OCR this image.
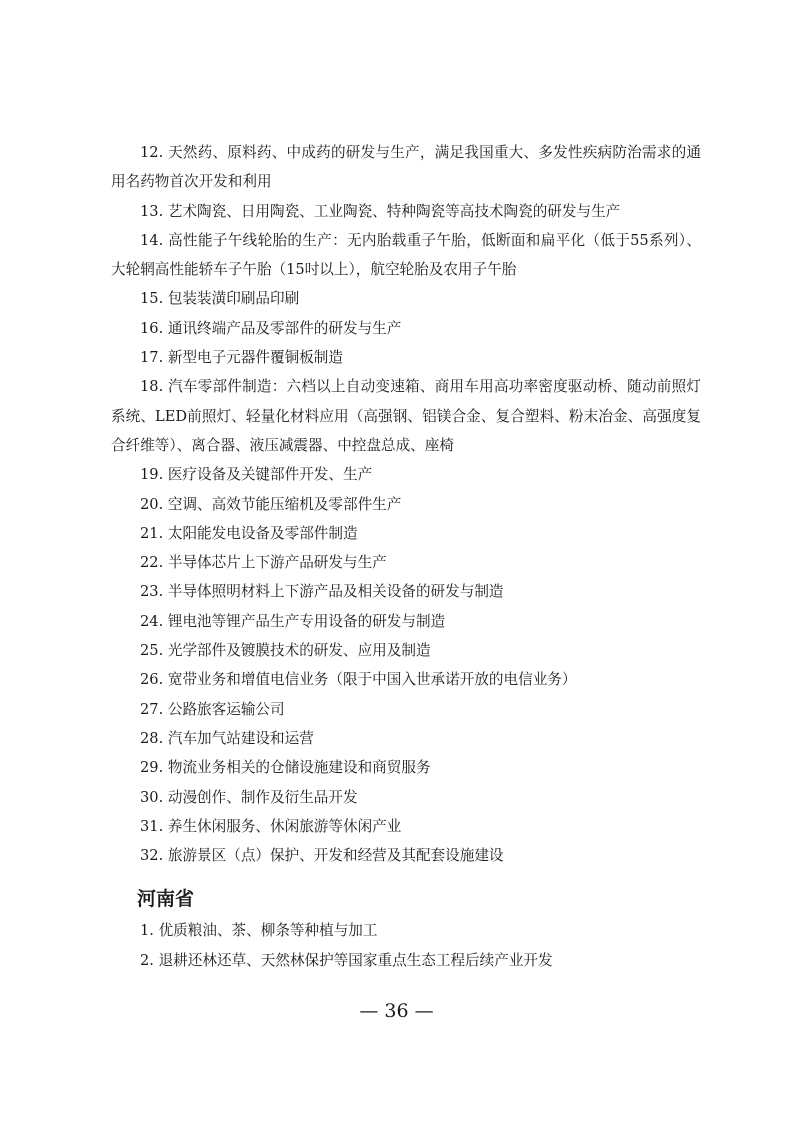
12. 天然药、原料药、中成药的研发与生产，满足我国重大、多发性疾病防治需求的通用名药物首次开发和利用
13. 艺术陶瓷、日用陶瓷、工业陶瓷、特种陶瓷等高技术陶瓷的研发与生产
14. 高性能子午线轮胎的生产：无内胎载重子午胎，低断面和扁平化（低于55系列）、大轮辋高性能轿车子午胎（15吋以上），航空轮胎及农用子午胎
15. 包装装潢印刷品印刷
16. 通讯终端产品及零部件的研发与生产
17. 新型电子元器件覆铜板制造
18. 汽车零部件制造：六档以上自动变速箱、商用车用高功率密度驱动桥、随动前照灯系统、LED前照灯、轻量化材料应用（高强钢、铝镁合金、复合塑料、粉末冶金、高强度复合纤维等）、离合器、液压减震器、中控盘总成、座椅
19. 医疗设备及关键部件开发、生产
20. 空调、高效节能压缩机及零部件生产
21. 太阳能发电设备及零部件制造
22. 半导体芯片上下游产品研发与生产
23. 半导体照明材料上下游产品及相关设备的研发与制造
24. 锂电池等锂产品生产专用设备的研发与制造
25. 光学部件及镀膜技术的研发、应用及制造
26. 宽带业务和增值电信业务（限于中国入世承诺开放的电信业务）
27. 公路旅客运输公司
28. 汽车加气站建设和运营
29. 物流业务相关的仓储设施建设和商贸服务
30. 动漫创作、制作及衍生品开发
31. 养生休闲服务、休闲旅游等休闲产业
32. 旅游景区（点）保护、开发和经营及其配套设施建设
河南省
1. 优质粮油、茶、柳条等种植与加工
2. 退耕还林还草、天然林保护等国家重点生态工程后续产业开发
— 36 —
